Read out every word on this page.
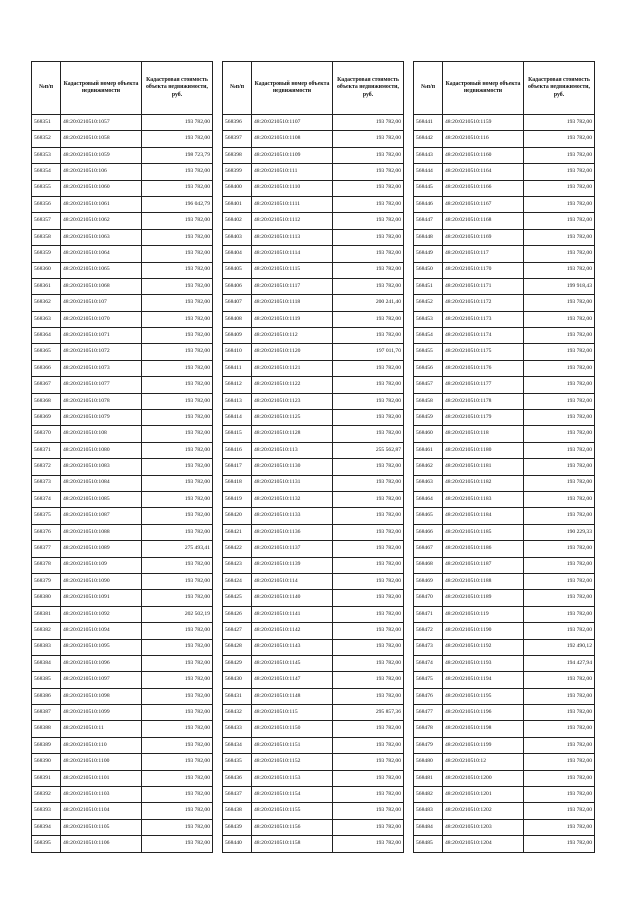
№п/п	Кадастровый номер объекта недвижимости	Кадастровая стоимость объекта недвижимости, руб.
568351	48:20:0210510:1057	193 782,00
568352	48:20:0210510:1058	193 782,00
568353	48:20:0210510:1059	198 723,79
568354	48:20:0210510:106	193 782,00
568355	48:20:0210510:1060	193 782,00
568356	48:20:0210510:1061	196 042,79
568357	48:20:0210510:1062	193 782,00
568358	48:20:0210510:1063	193 782,00
568359	48:20:0210510:1064	193 782,00
568360	48:20:0210510:1065	193 782,00
568361	48:20:0210510:1068	193 782,00
568362	48:20:0210510:107	193 782,00
568363	48:20:0210510:1070	193 782,00
568364	48:20:0210510:1071	193 782,00
568365	48:20:0210510:1072	193 782,00
568366	48:20:0210510:1073	193 782,00
568367	48:20:0210510:1077	193 782,00
568368	48:20:0210510:1078	193 782,00
568369	48:20:0210510:1079	193 782,00
568370	48:20:0210510:108	193 782,00
568371	48:20:0210510:1080	193 782,00
568372	48:20:0210510:1083	193 782,00
568373	48:20:0210510:1084	193 782,00
568374	48:20:0210510:1085	193 782,00
568375	48:20:0210510:1087	193 782,00
568376	48:20:0210510:1088	193 782,00
568377	48:20:0210510:1089	275 493,41
568378	48:20:0210510:109	193 782,00
568379	48:20:0210510:1090	193 782,00
568380	48:20:0210510:1091	193 782,00
568381	48:20:0210510:1092	202 502,19
568382	48:20:0210510:1094	193 782,00
568383	48:20:0210510:1095	193 782,00
568384	48:20:0210510:1096	193 782,00
568385	48:20:0210510:1097	193 782,00
568386	48:20:0210510:1098	193 782,00
568387	48:20:0210510:1099	193 782,00
568388	48:20:0210510:11	193 782,00
568389	48:20:0210510:110	193 782,00
568390	48:20:0210510:1100	193 782,00
568391	48:20:0210510:1101	193 782,00
568392	48:20:0210510:1103	193 782,00
568393	48:20:0210510:1104	193 782,00
568394	48:20:0210510:1105	193 782,00
568395	48:20:0210510:1106	193 782,00
№п/п	Кадастровый номер объекта недвижимости	Кадастровая стоимость объекта недвижимости, руб.
568396	48:20:0210510:1107	193 782,00
568397	48:20:0210510:1108	193 782,00
568398	48:20:0210510:1109	193 782,00
568399	48:20:0210510:111	193 782,00
568400	48:20:0210510:1110	193 782,00
568401	48:20:0210510:1111	193 782,00
568402	48:20:0210510:1112	193 782,00
568403	48:20:0210510:1113	193 782,00
568404	48:20:0210510:1114	193 782,00
568405	48:20:0210510:1115	193 782,00
568406	48:20:0210510:1117	193 782,00
568407	48:20:0210510:1118	200 241,40
568408	48:20:0210510:1119	193 782,00
568409	48:20:0210510:112	193 782,00
568410	48:20:0210510:1120	197 011,70
568411	48:20:0210510:1121	193 782,00
568412	48:20:0210510:1122	193 782,00
568413	48:20:0210510:1123	193 782,00
568414	48:20:0210510:1125	193 782,00
568415	48:20:0210510:1128	193 782,00
568416	48:20:0210510:113	255 562,87
568417	48:20:0210510:1130	193 782,00
568418	48:20:0210510:1131	193 782,00
568419	48:20:0210510:1132	193 782,00
568420	48:20:0210510:1133	193 782,00
568421	48:20:0210510:1136	193 782,00
568422	48:20:0210510:1137	193 782,00
568423	48:20:0210510:1139	193 782,00
568424	48:20:0210510:114	193 782,00
568425	48:20:0210510:1140	193 782,00
568426	48:20:0210510:1141	193 782,00
568427	48:20:0210510:1142	193 782,00
568428	48:20:0210510:1143	193 782,00
568429	48:20:0210510:1145	193 782,00
568430	48:20:0210510:1147	193 782,00
568431	48:20:0210510:1148	193 782,00
568432	48:20:0210510:115	295 857,36
568433	48:20:0210510:1150	193 782,00
568434	48:20:0210510:1151	193 782,00
568435	48:20:0210510:1152	193 782,00
568436	48:20:0210510:1153	193 782,00
568437	48:20:0210510:1154	193 782,00
568438	48:20:0210510:1155	193 782,00
568439	48:20:0210510:1156	193 782,00
568440	48:20:0210510:1158	193 782,00
№п/п	Кадастровый номер объекта недвижимости	Кадастровая стоимость объекта недвижимости, руб.
568441	48:20:0210510:1159	193 782,00
568442	48:20:0210510:116	193 782,00
568443	48:20:0210510:1160	193 782,00
568444	48:20:0210510:1164	193 782,00
568445	48:20:0210510:1166	193 782,00
568446	48:20:0210510:1167	193 782,00
568447	48:20:0210510:1168	193 782,00
568448	48:20:0210510:1169	193 782,00
568449	48:20:0210510:117	193 782,00
568450	48:20:0210510:1170	193 782,00
568451	48:20:0210510:1171	199 918,43
568452	48:20:0210510:1172	193 782,00
568453	48:20:0210510:1173	193 782,00
568454	48:20:0210510:1174	193 782,00
568455	48:20:0210510:1175	193 782,00
568456	48:20:0210510:1176	193 782,00
568457	48:20:0210510:1177	193 782,00
568458	48:20:0210510:1178	193 782,00
568459	48:20:0210510:1179	193 782,00
568460	48:20:0210510:118	193 782,00
568461	48:20:0210510:1180	193 782,00
568462	48:20:0210510:1181	193 782,00
568463	48:20:0210510:1182	193 782,00
568464	48:20:0210510:1183	193 782,00
568465	48:20:0210510:1184	193 782,00
568466	48:20:0210510:1185	190 229,33
568467	48:20:0210510:1186	193 782,00
568468	48:20:0210510:1187	193 782,00
568469	48:20:0210510:1188	193 782,00
568470	48:20:0210510:1189	193 782,00
568471	48:20:0210510:119	193 782,00
568472	48:20:0210510:1190	193 782,00
568473	48:20:0210510:1192	192 490,12
568474	48:20:0210510:1193	194 427,94
568475	48:20:0210510:1194	193 782,00
568476	48:20:0210510:1195	193 782,00
568477	48:20:0210510:1196	193 782,00
568478	48:20:0210510:1198	193 782,00
568479	48:20:0210510:1199	193 782,00
568480	48:20:0210510:12	193 782,00
568481	48:20:0210510:1200	193 782,00
568482	48:20:0210510:1201	193 782,00
568483	48:20:0210510:1202	193 782,00
568484	48:20:0210510:1203	193 782,00
568485	48:20:0210510:1204	193 782,00
